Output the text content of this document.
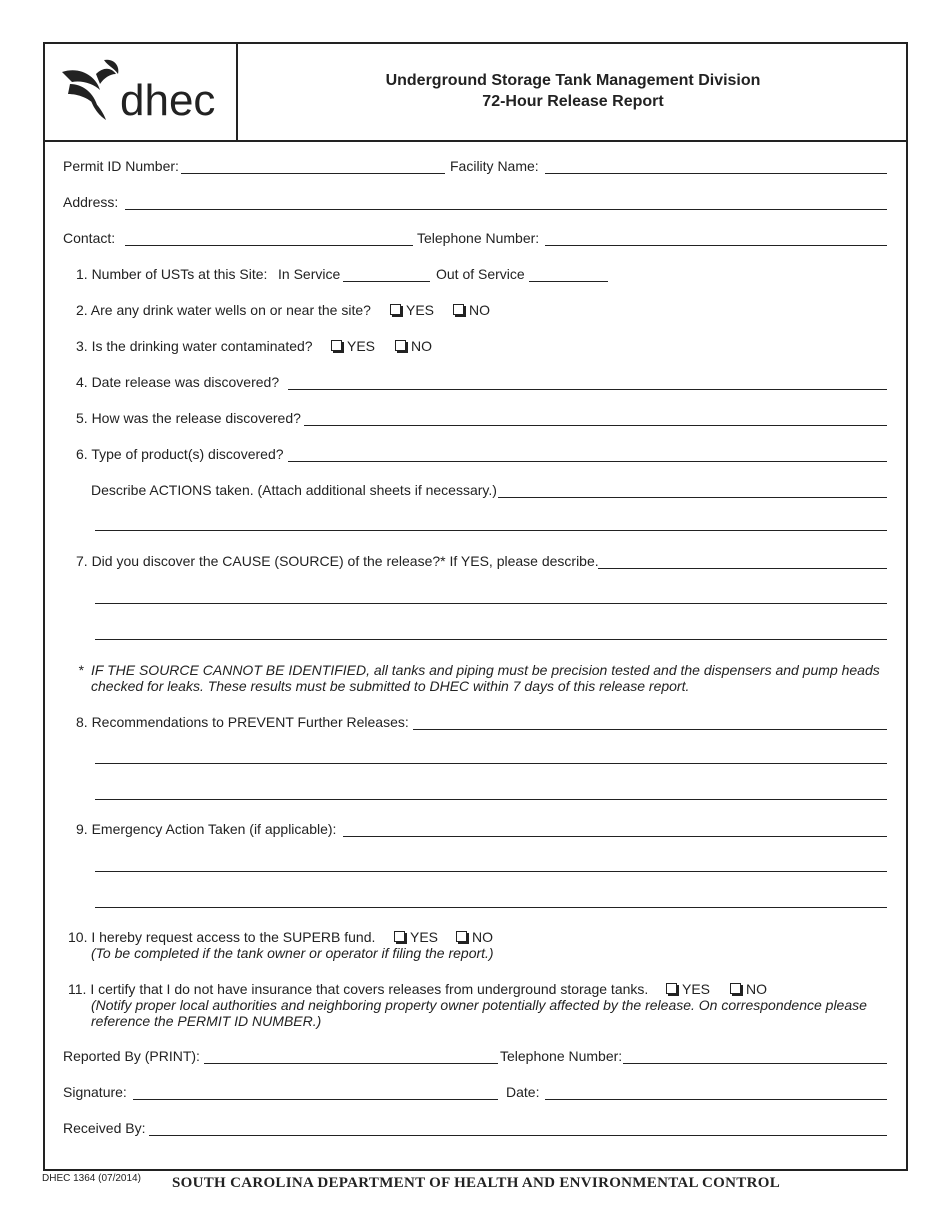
dhec	Underground Storage Tank Management Division
72-Hour Release Report
Permit ID Number:	Facility Name:
Address:
Contact:	Telephone Number:
1. Number of USTs at this Site: In Service	Out of Service
2. Are any drink water wells on or near the site?	YES	NO
3. Is the drinking water contaminated?	YES	NO
4. Date release was discovered?
5. How was the release discovered?
6. Type of product(s) discovered?
Describe ACTIONS taken. (Attach additional sheets if necessary.)
7. Did you discover the CAUSE (SOURCE) of the release?* If YES, please describe.
* IF THE SOURCE CANNOT BE IDENTIFIED, all tanks and piping must be precision tested and the dispensers and pump heads
checked for leaks. These results must be submitted to DHEC within 7 days of this release report.
8. Recommendations to PREVENT Further Releases:
9. Emergency Action Taken (if applicable):
10. I hereby request access to the SUPERB fund.	YES	NO
(To be completed if the tank owner or operator if filing the report.)
11. I certify that I do not have insurance that covers releases from underground storage tanks.	YES	NO
(Notify proper local authorities and neighboring property owner potentially affected by the release. On correspondence please
reference the PERMIT ID NUMBER.)
Reported By (PRINT):	Telephone Number:
Signature:	Date:
Received By:
DHEC 1364 (07/2014) SOUTH CAROLINA DEPARTMENT OF HEALTH AND ENVIRONMENTAL CONTROL
